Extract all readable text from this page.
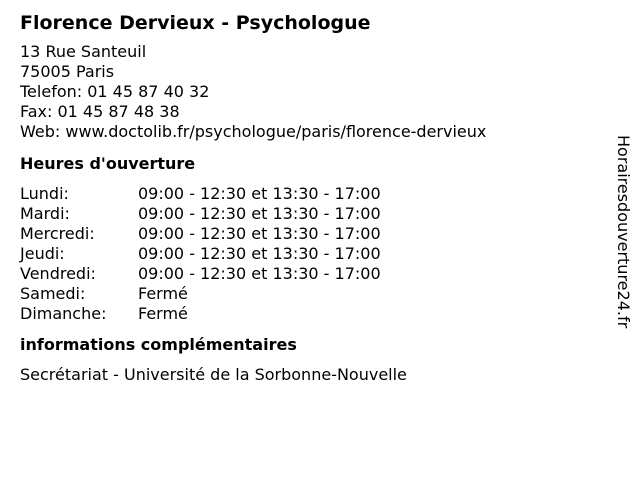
Florence Dervieux - Psychologue
13 Rue Santeuil
75005 Paris
Telefon: 01 45 87 40 32
Fax: 01 45 87 48 38
Web: www.doctolib.fr/psychologue/paris/florence-dervieux
Heures d'ouverture
Lundi:	09:00 - 12:30 et 13:30 - 17:00
Mardi:	09:00 - 12:30 et 13:30 - 17:00
Mercredi:	09:00 - 12:30 et 13:30 - 17:00
Jeudi:	09:00 - 12:30 et 13:30 - 17:00
Vendredi:	09:00 - 12:30 et 13:30 - 17:00
Samedi:	Fermé
Dimanche:	Fermé
informations complémentaires
Secrétariat - Université de la Sorbonne-Nouvelle
Horairesdouverture24.fr
